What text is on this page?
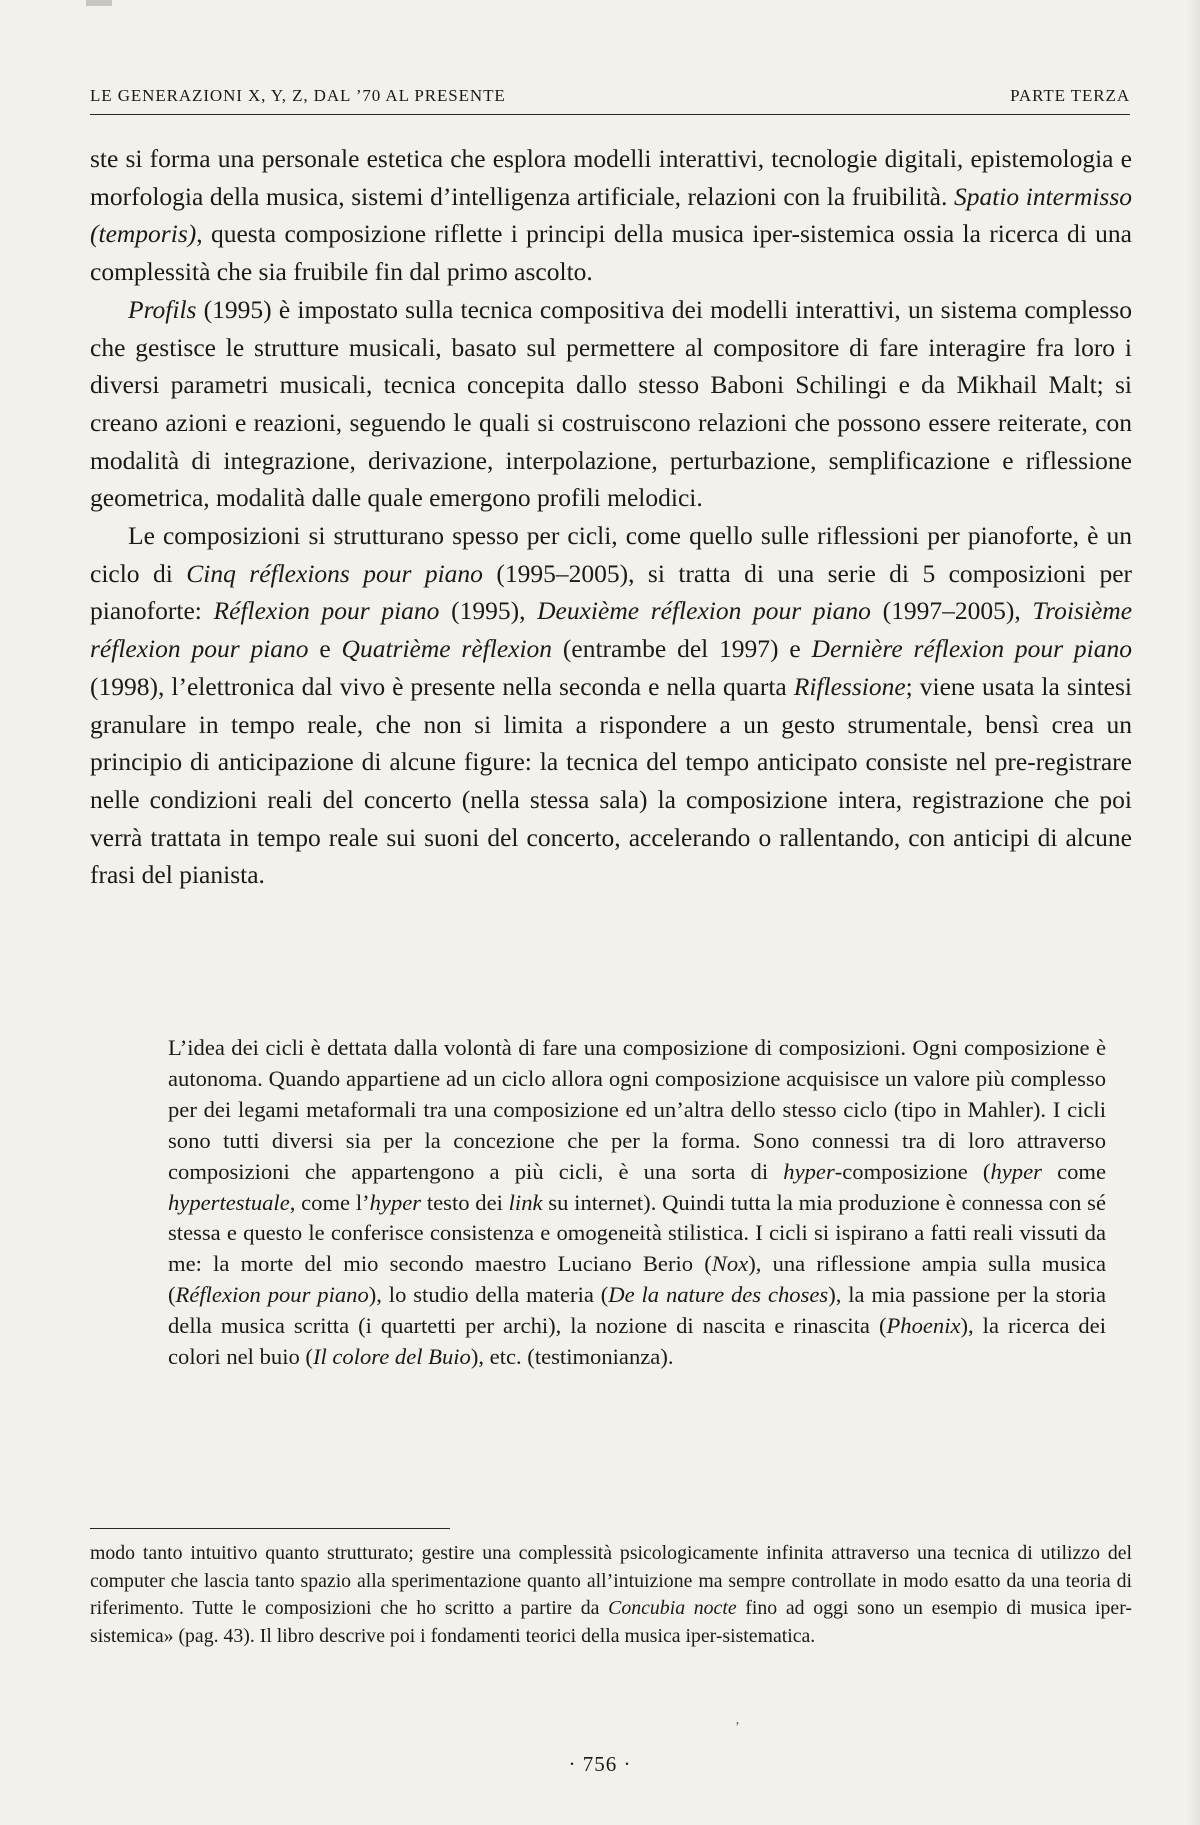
LE GENERAZIONI X, Y, Z, DAL ’70 AL PRESENTE	PARTE TERZA

ste si forma una personale estetica che esplora modelli interattivi, tecnologie digitali, epistemologia e morfologia della musica, sistemi d’intelligenza artificiale, relazioni con la fruibilità. Spatio intermisso (temporis), questa composizione riflette i principi della musica iper-sistemica ossia la ricerca di una complessità che sia fruibile fin dal primo ascolto.

Profils (1995) è impostato sulla tecnica compositiva dei modelli interattivi, un sistema complesso che gestisce le strutture musicali, basato sul permettere al compositore di fare interagire fra loro i diversi parametri musicali, tecnica concepita dallo stesso Baboni Schilingi e da Mikhail Malt; si creano azioni e reazioni, seguendo le quali si costruiscono relazioni che possono essere reiterate, con modalità di integrazione, derivazione, interpolazione, perturbazione, semplificazione e riflessione geometrica, modalità dalle quale emergono profili melodici.

Le composizioni si strutturano spesso per cicli, come quello sulle riflessioni per pianoforte, è un ciclo di Cinq réflexions pour piano (1995–2005), si tratta di una serie di 5 composizioni per pianoforte: Réflexion pour piano (1995), Deuxième réflexion pour piano (1997–2005), Troisième réflexion pour piano e Quatrième rèflexion (entrambe del 1997) e Dernière réflexion pour piano (1998), l’elettronica dal vivo è presente nella seconda e nella quarta Riflessione; viene usata la sintesi granulare in tempo reale, che non si limita a rispondere a un gesto strumentale, bensì crea un principio di anticipazione di alcune figure: la tecnica del tempo anticipato consiste nel pre-registrare nelle condizioni reali del concerto (nella stessa sala) la composizione intera, registrazione che poi verrà trattata in tempo reale sui suoni del concerto, accelerando o rallentando, con anticipi di alcune frasi del pianista.

L’idea dei cicli è dettata dalla volontà di fare una composizione di composizioni. Ogni composizione è autonoma. Quando appartiene ad un ciclo allora ogni composizione acquisisce un valore più complesso per dei legami metaformali tra una composizione ed un’altra dello stesso ciclo (tipo in Mahler). I cicli sono tutti diversi sia per la concezione che per la forma. Sono connessi tra di loro attraverso composizioni che appartengono a più cicli, è una sorta di hyper-composizione (hyper come hypertestuale, come l’hyper testo dei link su internet). Quindi tutta la mia produzione è connessa con sé stessa e questo le conferisce consistenza e omogeneità stilistica. I cicli si ispirano a fatti reali vissuti da me: la morte del mio secondo maestro Luciano Berio (Nox), una riflessione ampia sulla musica (Réflexion pour piano), lo studio della materia (De la nature des choses), la mia passione per la storia della musica scritta (i quartetti per archi), la nozione di nascita e rinascita (Phoenix), la ricerca dei colori nel buio (Il colore del Buio), etc. (testimonianza).

modo tanto intuitivo quanto strutturato; gestire una complessità psicologicamente infinita attraverso una tecnica di utilizzo del computer che lascia tanto spazio alla sperimentazione quanto all’intuizione ma sempre controllate in modo esatto da una teoria di riferimento. Tutte le composizioni che ho scritto a partire da Concubia nocte fino ad oggi sono un esempio di musica iper-sistemica» (pag. 43). Il libro descrive poi i fondamenti teorici della musica iper-sistematica.

ʼ
· 756 ·
